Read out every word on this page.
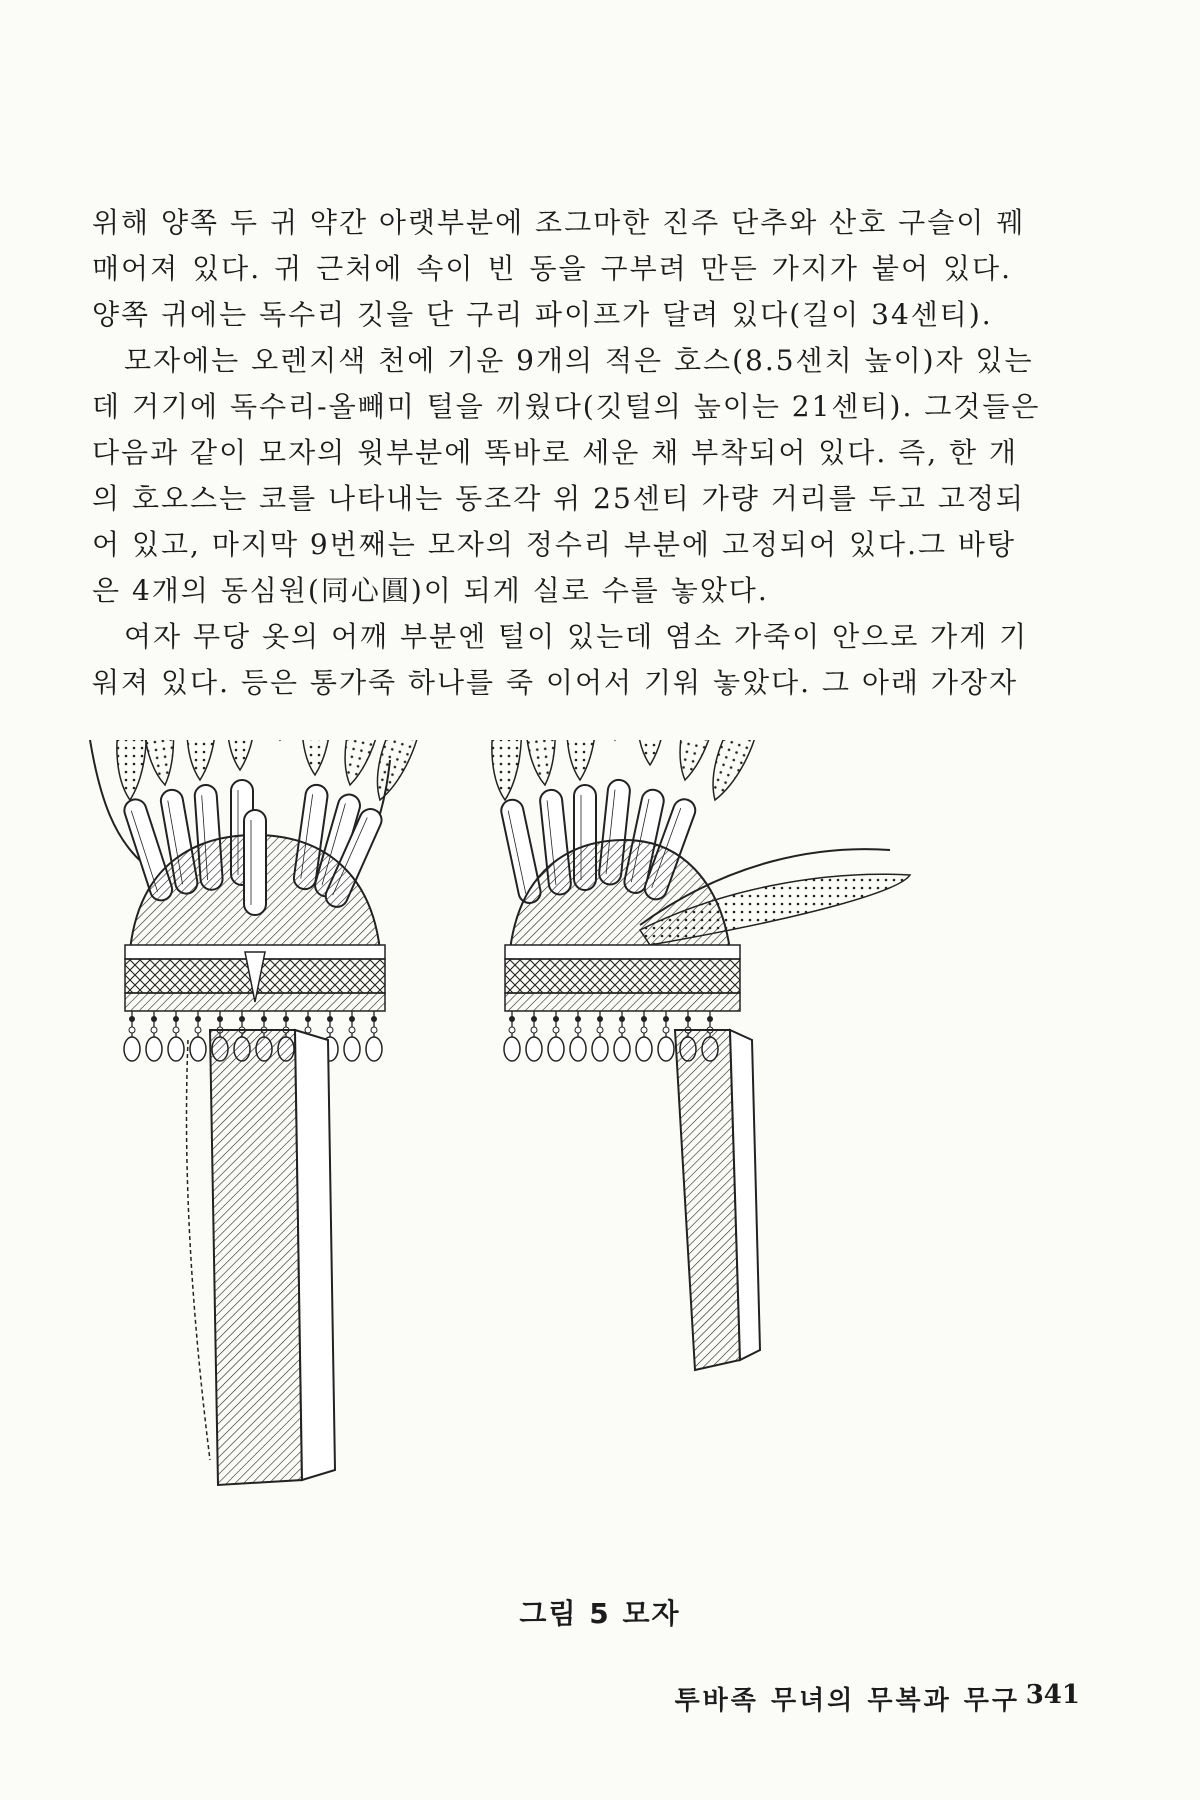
위해 양쪽 두 귀 약간 아랫부분에 조그마한 진주 단추와 산호 구슬이 꿰
매어져 있다. 귀 근처에 속이 빈 동을 구부려 만든 가지가 붙어 있다.
양쪽 귀에는 독수리 깃을 단 구리 파이프가 달려 있다(길이 34센티).
모자에는 오렌지색 천에 기운 9개의 적은 호스(8.5센치 높이)자 있는
데 거기에 독수리-올빼미 털을 끼웠다(깃털의 높이는 21센티). 그것들은
다음과 같이 모자의 윗부분에 똑바로 세운 채 부착되어 있다. 즉, 한 개
의 호오스는 코를 나타내는 동조각 위 25센티 가량 거리를 두고 고정되
어 있고, 마지막 9번째는 모자의 정수리 부분에 고정되어 있다.그 바탕
은 4개의 동심원(同心圓)이 되게 실로 수를 놓았다.
여자 무당 옷의 어깨 부분엔 털이 있는데 염소 가죽이 안으로 가게 기
워져 있다. 등은 통가죽 하나를 죽 이어서 기워 놓았다. 그 아래 가장자
그림 5 모자
투바족 무녀의 무복과 무구 341
